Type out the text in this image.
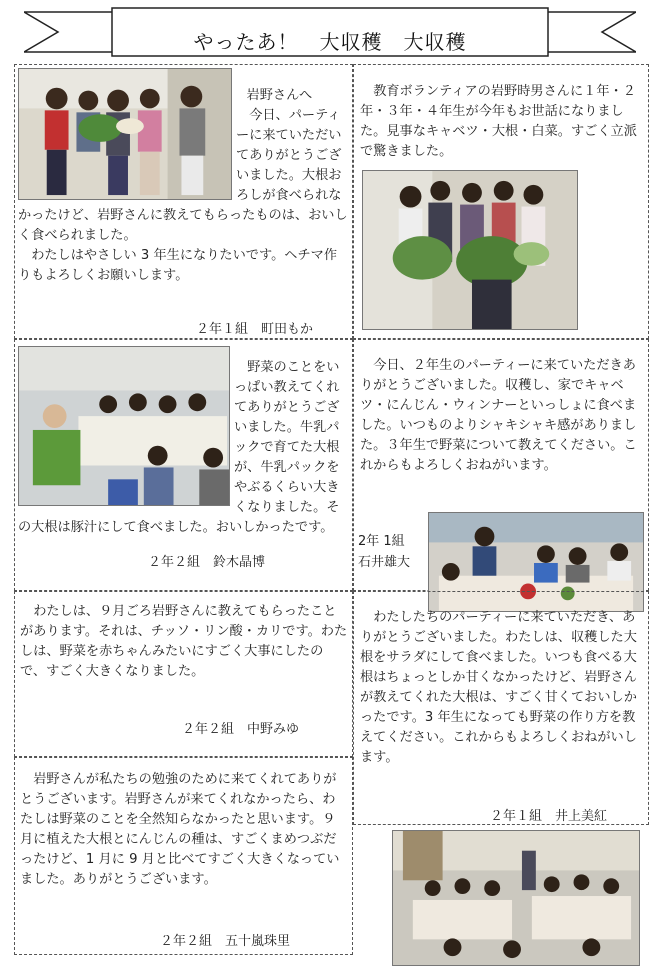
やったあ！　大収穫　大収穫

岩野さんへ

今日、パーティーに来ていただいてありがとうございました。大根おろしが食べられなかったけど、岩野さんに教えてもらったものは、おいしく食べられました。

わたしはやさしい 3 年生になりたいです。ヘチマ作りもよろしくお願いします。

２年１組　町田もか

教育ボランティアの岩野時男さんに１年・２年・３年・４年生が今年もお世話になりました。見事なキャベツ・大根・白菜。すごく立派で驚きました。

野菜のことをいっぱい教えてくれてありがとうございました。牛乳パックで育てた大根が、牛乳パックをやぶるくらい大きくなりました。その大根は豚汁にして食べました。おいしかったです。

２年２組　鈴木晶博

今日、２年生のパーティーに来ていただきありがとうございました。収穫し、家でキャベツ・にんじん・ウィンナーといっしょに食べました。いつものよりシャキシャキ感がありました。３年生で野菜について教えてください。これからもよろしくおねがいます。

2年 1組
石井雄大

わたしは、９月ごろ岩野さんに教えてもらったことがあります。それは、チッソ・リン酸・カリです。わたしは、野菜を赤ちゃんみたいにすごく大事にしたので、すごく大きくなりました。

２年２組　中野みゆ

わたしたちのパーティーに来ていただき、ありがとうございました。わたしは、収穫した大根をサラダにして食べました。いつも食べる大根はちょっとしか甘くなかったけど、岩野さんが教えてくれた大根は、すごく甘くておいしかったです。3 年生になっても野菜の作り方を教えてください。これからもよろしくおねがいします。

２年１組　井上美紅

岩野さんが私たちの勉強のために来てくれてありがとうございます。岩野さんが来てくれなかったら、わたしは野菜のことを全然知らなかったと思います。９月に植えた大根とにんじんの種は、すごくまめつぶだったけど、1 月に 9 月と比べてすごく大きくなっていました。ありがとうございます。

２年２組　五十嵐珠里
